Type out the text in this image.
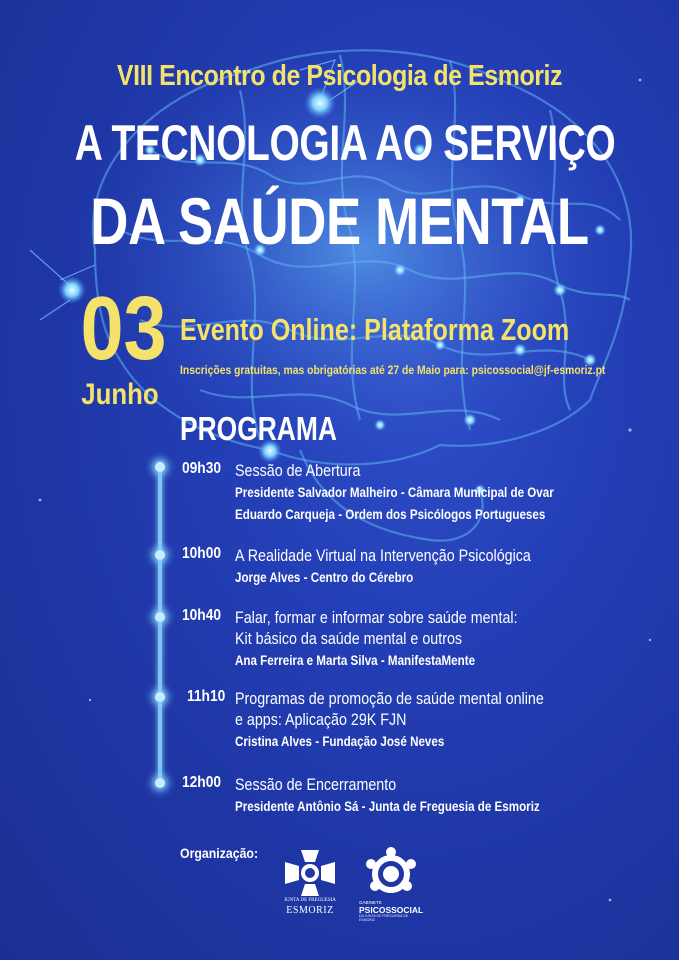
VIII Encontro de Psicologia de Esmoriz
A TECNOLOGIA AO SERVIÇO
DA SAÚDE MENTAL
03
Junho
Evento Online: Plataforma Zoom
Inscrições gratuitas, mas obrigatórias até 27 de Maio para: psicossocial@jf-esmoriz.pt
PROGRAMA
09h30 Sessão de Abertura
Presidente Salvador Malheiro - Câmara Municipal de Ovar
Eduardo Carqueja - Ordem dos Psicólogos Portugueses
10h00 A Realidade Virtual na Intervenção Psicológica
Jorge Alves - Centro do Cérebro
10h40 Falar, formar e informar sobre saúde mental:
Kit básico da saúde mental e outros
Ana Ferreira e Marta Silva - ManifestaMente
11h10 Programas de promoção de saúde mental online
e apps: Aplicação 29K FJN
Cristina Alves - Fundação José Neves
12h00 Sessão de Encerramento
Presidente Antônio Sá - Junta de Freguesia de Esmoriz
Organização:
JUNTA DE FREGUESIA
ESMORIZ
GABINETE
PSICOSSOCIAL
DA JUNTA DE FREGUESIA DE ESMORIZ
